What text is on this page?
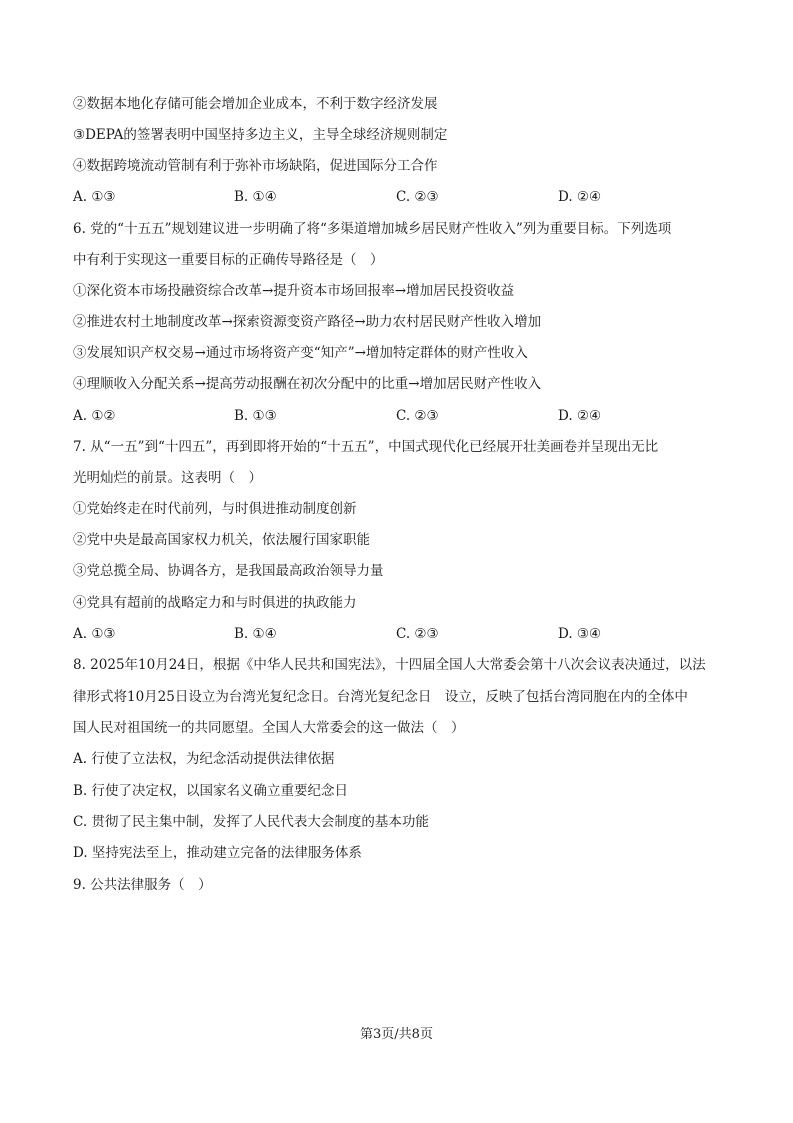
②数据本地化存储可能会增加企业成本，不利于数字经济发展
③DEPA的签署表明中国坚持多边主义，主导全球经济规则制定
④数据跨境流动管制有利于弥补市场缺陷，促进国际分工合作
A. ①③	B. ①④	C. ②③	D. ②④
6. 党的“十五五”规划建议进一步明确了将“多渠道增加城乡居民财产性收入”列为重要目标。下列选项
中有利于实现这一重要目标的正确传导路径是（　）
①深化资本市场投融资综合改革→提升资本市场回报率→增加居民投资收益
②推进农村土地制度改革→探索资源变资产路径→助力农村居民财产性收入增加
③发展知识产权交易→通过市场将资产变“知产”→增加特定群体的财产性收入
④理顺收入分配关系→提高劳动报酬在初次分配中的比重→增加居民财产性收入
A. ①②	B. ①③	C. ②③	D. ②④
7. 从“一五”到“十四五”，再到即将开始的“十五五”，中国式现代化已经展开壮美画卷并呈现出无比
光明灿烂的前景。这表明（　）
①党始终走在时代前列，与时俱进推动制度创新
②党中央是最高国家权力机关，依法履行国家职能
③党总揽全局、协调各方，是我国最高政治领导力量
④党具有超前的战略定力和与时俱进的执政能力
A. ①③	B. ①④	C. ②③	D. ③④
8. 2025年10月24日，根据《中华人民共和国宪法》，十四届全国人大常委会第十八次会议表决通过，以法
律形式将10月25日设立为台湾光复纪念日。台湾光复纪念日　设立，反映了包括台湾同胞在内的全体中
国人民对祖国统一的共同愿望。全国人大常委会的这一做法（　）
A. 行使了立法权，为纪念活动提供法律依据
B. 行使了决定权，以国家名义确立重要纪念日
C. 贯彻了民主集中制，发挥了人民代表大会制度的基本功能
D. 坚持宪法至上，推动建立完备的法律服务体系
9. 公共法律服务（　）
第3页/共8页
